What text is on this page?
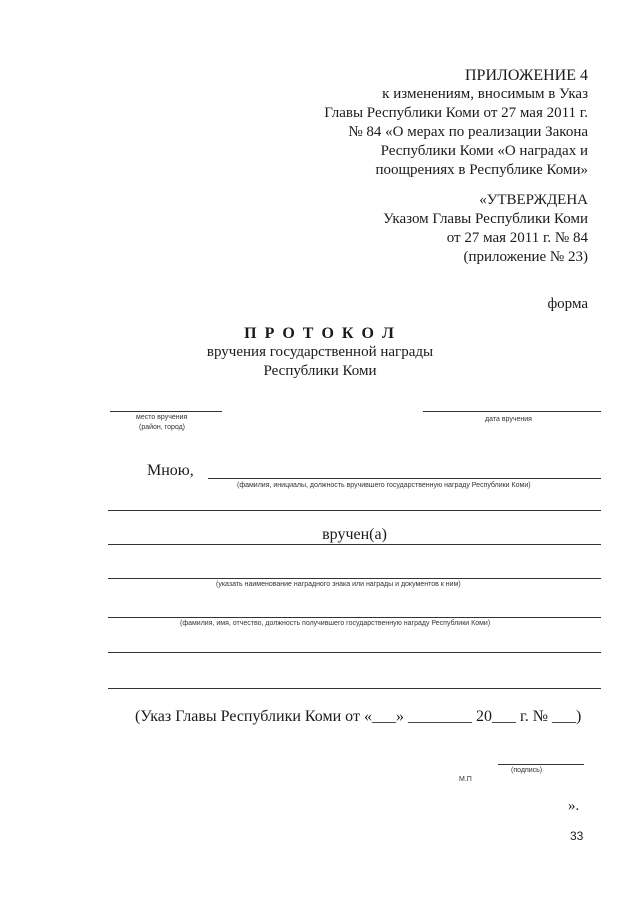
ПРИЛОЖЕНИЕ 4
к изменениям, вносимым в Указ
Главы Республики Коми от 27 мая 2011 г.
№ 84 «О мерах по реализации Закона
Республики Коми «О наградах и
поощрениях в Республике Коми»
«УТВЕРЖДЕНА
Указом Главы Республики Коми
от 27 мая 2011 г. № 84
(приложение № 23)
форма
П Р О Т О К О Л
вручения государственной награды
Республики Коми
место вручения
(район, город)
дата вручения
Мною,
(фамилия, инициалы, должность вручившего государственную награду Республики Коми)
вручен(а)
(указать наименование наградного знака или награды и документов к ним)
(фамилия, имя, отчество, должность получившего государственную награду Республики Коми)
(Указ Главы Республики Коми от «___» ________ 20___ г. № ___)
(подпись)
М.П
».
33
